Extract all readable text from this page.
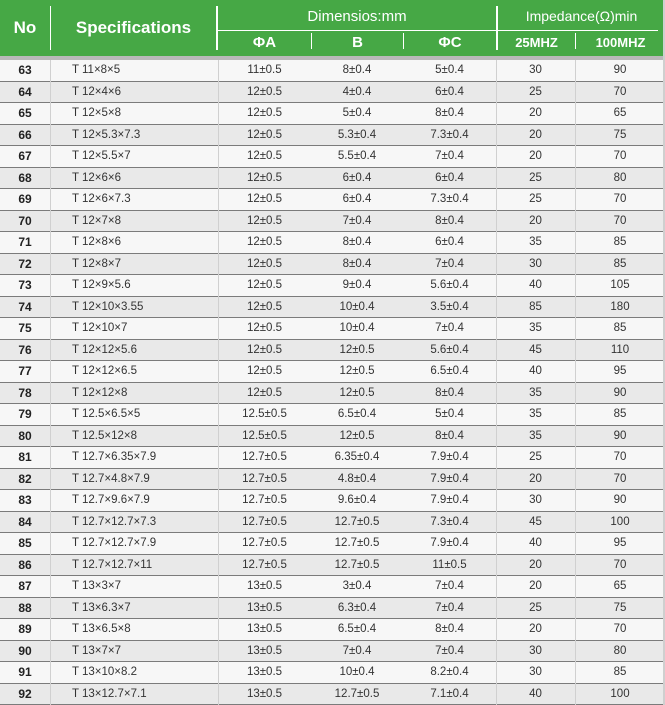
No	Specifications
Dimensios:mm
ΦA	B	ΦC
Impedance(Ω)min
25MHZ	100MHZ
63	T 11×8×5	11±0.5	8±0.4	5±0.4	30	90
64	T 12×4×6	12±0.5	4±0.4	6±0.4	25	70
65	T 12×5×8	12±0.5	5±0.4	8±0.4	20	65
66	T 12×5.3×7.3	12±0.5	5.3±0.4	7.3±0.4	20	75
67	T 12×5.5×7	12±0.5	5.5±0.4	7±0.4	20	70
68	T 12×6×6	12±0.5	6±0.4	6±0.4	25	80
69	T 12×6×7.3	12±0.5	6±0.4	7.3±0.4	25	70
70	T 12×7×8	12±0.5	7±0.4	8±0.4	20	70
71	T 12×8×6	12±0.5	8±0.4	6±0.4	35	85
72	T 12×8×7	12±0.5	8±0.4	7±0.4	30	85
73	T 12×9×5.6	12±0.5	9±0.4	5.6±0.4	40	105
74	T 12×10×3.55	12±0.5	10±0.4	3.5±0.4	85	180
75	T 12×10×7	12±0.5	10±0.4	7±0.4	35	85
76	T 12×12×5.6	12±0.5	12±0.5	5.6±0.4	45	110
77	T 12×12×6.5	12±0.5	12±0.5	6.5±0.4	40	95
78	T 12×12×8	12±0.5	12±0.5	8±0.4	35	90
79	T 12.5×6.5×5	12.5±0.5	6.5±0.4	5±0.4	35	85
80	T 12.5×12×8	12.5±0.5	12±0.5	8±0.4	35	90
81	T 12.7×6.35×7.9	12.7±0.5	6.35±0.4	7.9±0.4	25	70
82	T 12.7×4.8×7.9	12.7±0.5	4.8±0.4	7.9±0.4	20	70
83	T 12.7×9.6×7.9	12.7±0.5	9.6±0.4	7.9±0.4	30	90
84	T 12.7×12.7×7.3	12.7±0.5	12.7±0.5	7.3±0.4	45	100
85	T 12.7×12.7×7.9	12.7±0.5	12.7±0.5	7.9±0.4	40	95
86	T 12.7×12.7×11	12.7±0.5	12.7±0.5	11±0.5	20	70
87	T 13×3×7	13±0.5	3±0.4	7±0.4	20	65
88	T 13×6.3×7	13±0.5	6.3±0.4	7±0.4	25	75
89	T 13×6.5×8	13±0.5	6.5±0.4	8±0.4	20	70
90	T 13×7×7	13±0.5	7±0.4	7±0.4	30	80
91	T 13×10×8.2	13±0.5	10±0.4	8.2±0.4	30	85
92	T 13×12.7×7.1	13±0.5	12.7±0.5	7.1±0.4	40	100
